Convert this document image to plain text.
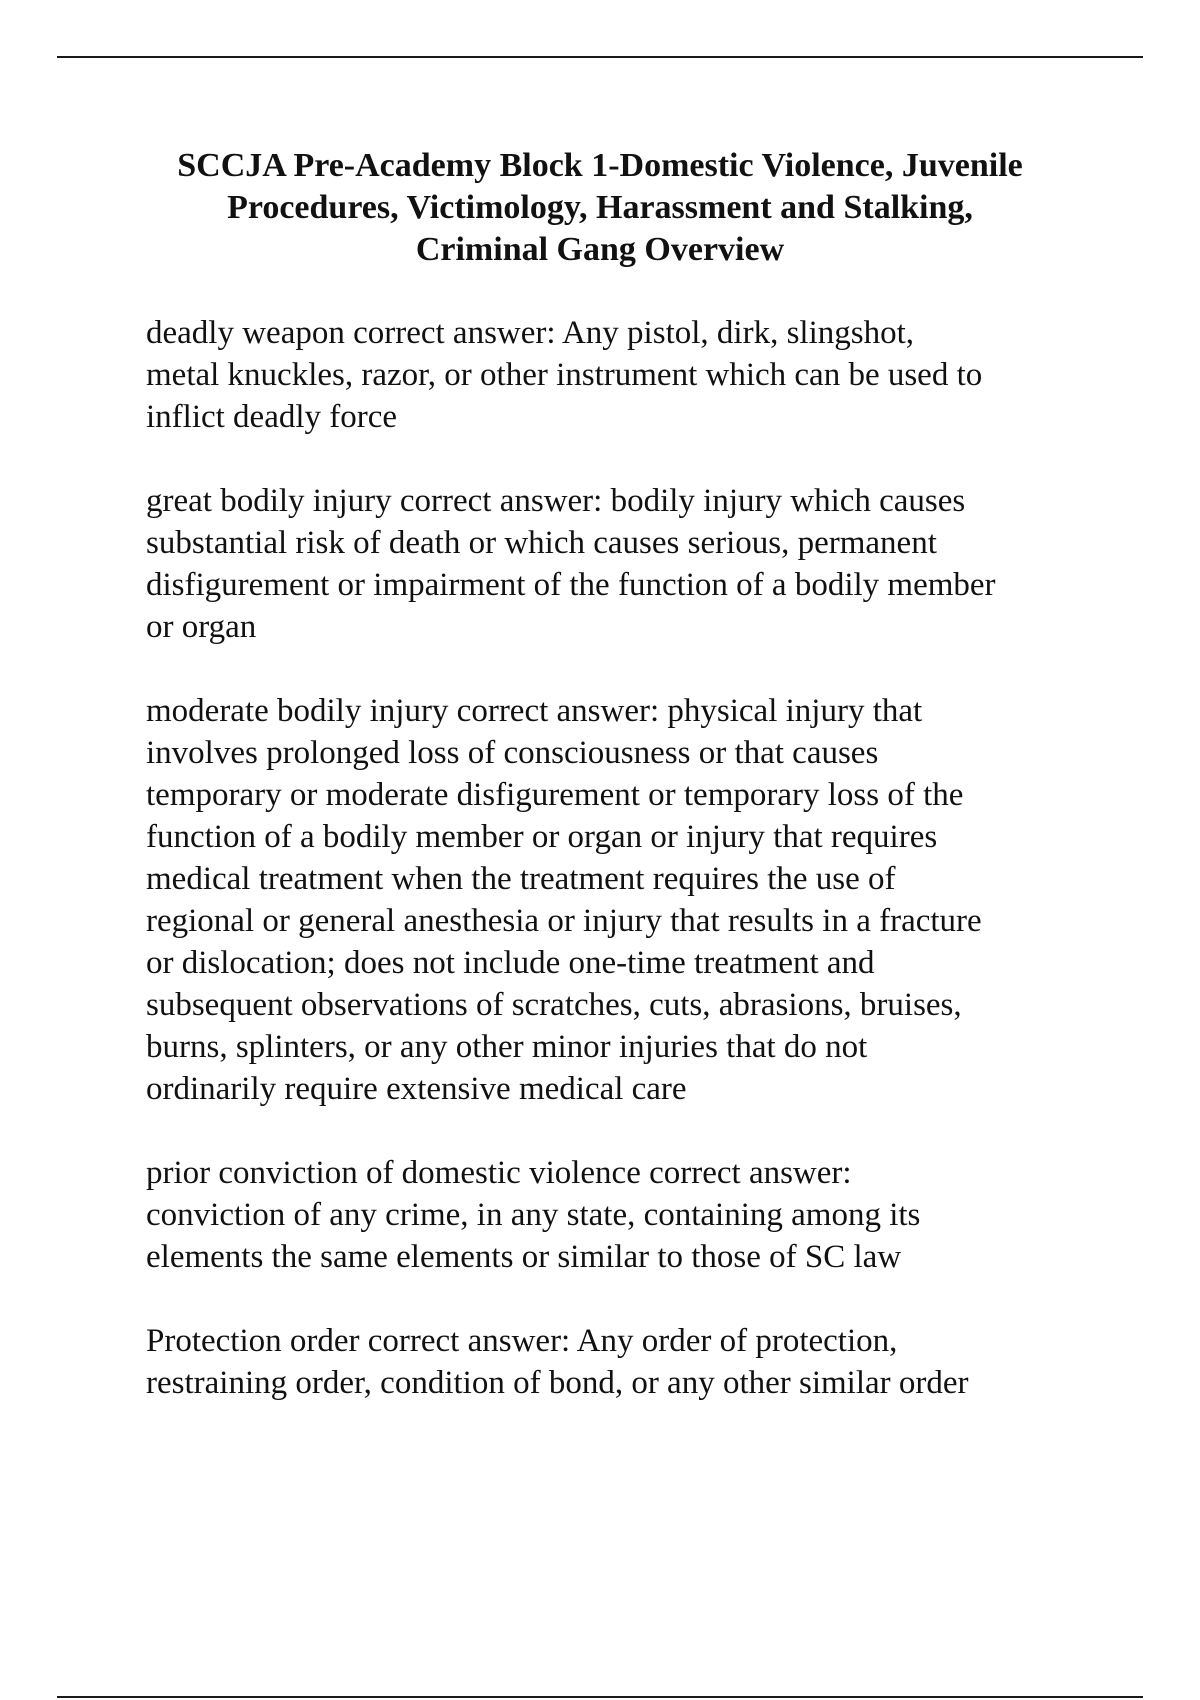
SCCJA Pre-Academy Block 1-Domestic Violence, Juvenile
Procedures, Victimology, Harassment and Stalking,
Criminal Gang Overview

deadly weapon correct answer: Any pistol, dirk, slingshot,
metal knuckles, razor, or other instrument which can be used to
inflict deadly force

great bodily injury correct answer: bodily injury which causes
substantial risk of death or which causes serious, permanent
disfigurement or impairment of the function of a bodily member
or organ

moderate bodily injury correct answer: physical injury that
involves prolonged loss of consciousness or that causes
temporary or moderate disfigurement or temporary loss of the
function of a bodily member or organ or injury that requires
medical treatment when the treatment requires the use of
regional or general anesthesia or injury that results in a fracture
or dislocation; does not include one-time treatment and
subsequent observations of scratches, cuts, abrasions, bruises,
burns, splinters, or any other minor injuries that do not
ordinarily require extensive medical care

prior conviction of domestic violence correct answer:
conviction of any crime, in any state, containing among its
elements the same elements or similar to those of SC law

Protection order correct answer: Any order of protection,
restraining order, condition of bond, or any other similar order
